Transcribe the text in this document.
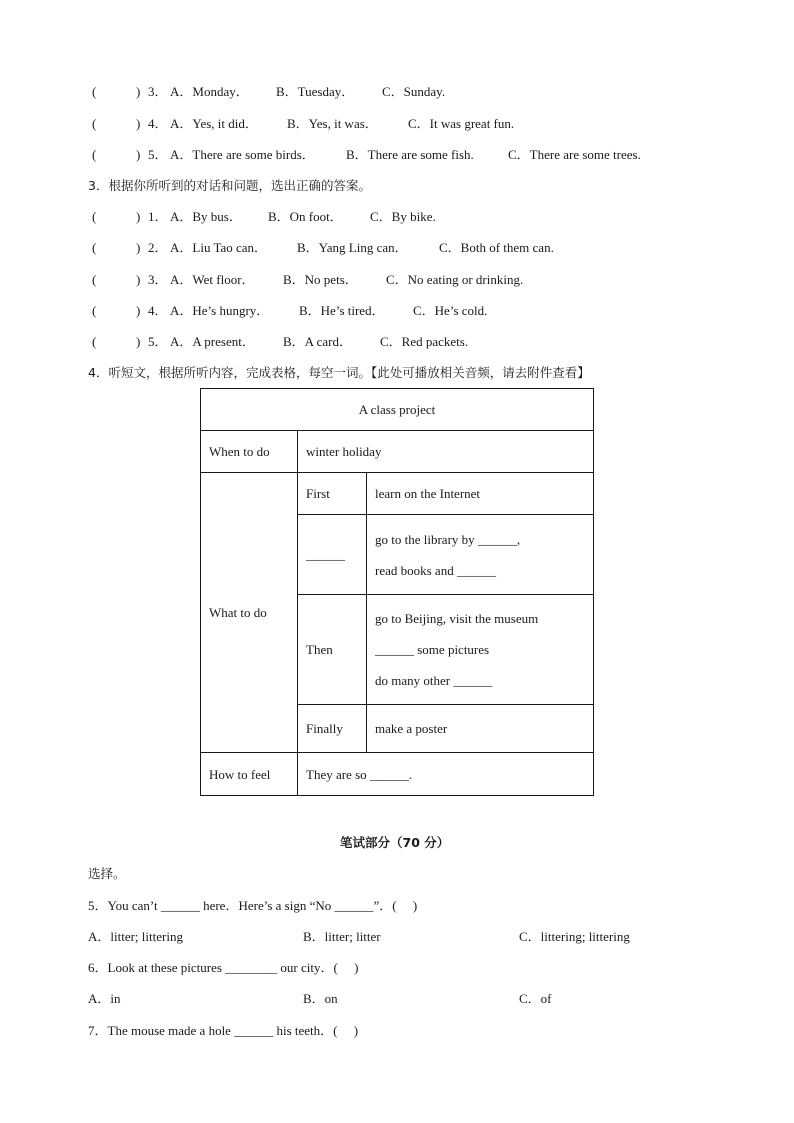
(	) 3． A．Monday． B．Tuesday． C．Sunday.
(	) 4． A．Yes, it did． B．Yes, it was． C．It was great fun.
(	) 5． A．There are some birds． B．There are some fish.	C．There are some trees.
3．根据你所听到的对话和问题，选出正确的答案。
(	) 1． A．By bus． B．On foot． C．By bike.
(	) 2． A．Liu Tao can． B．Yang Ling can． C．Both of them can.
(	) 3． A．Wet floor． B．No pets． C．No eating or drinking.
(	) 4． A．He’s hungry． B．He’s tired． C．He’s cold.
(	) 5． A．A present． B．A card． C．Red packets.
4．听短文，根据所听内容，完成表格，每空一词。【此处可播放相关音频，请去附件查看】
A class project		
When to do	winter holiday	
What to do	First	learn on the Internet
	______	go to the library by ______,
read books and ______

	Then	go to Beijing, visit the museum
______ some pictures
do many other ______

	Finally	make a poster
How to feel	They are so ______.	
笔试部分（70 分）
选择。
5．You can’t ______ here．Here’s a sign “No ______”．(     )
A．litter; littering	B．litter; litter	C．littering; littering
6．Look at these pictures ________ our city．(     )
A．in	B．on	C．of
7．The mouse made a hole ______ his teeth．(     )
